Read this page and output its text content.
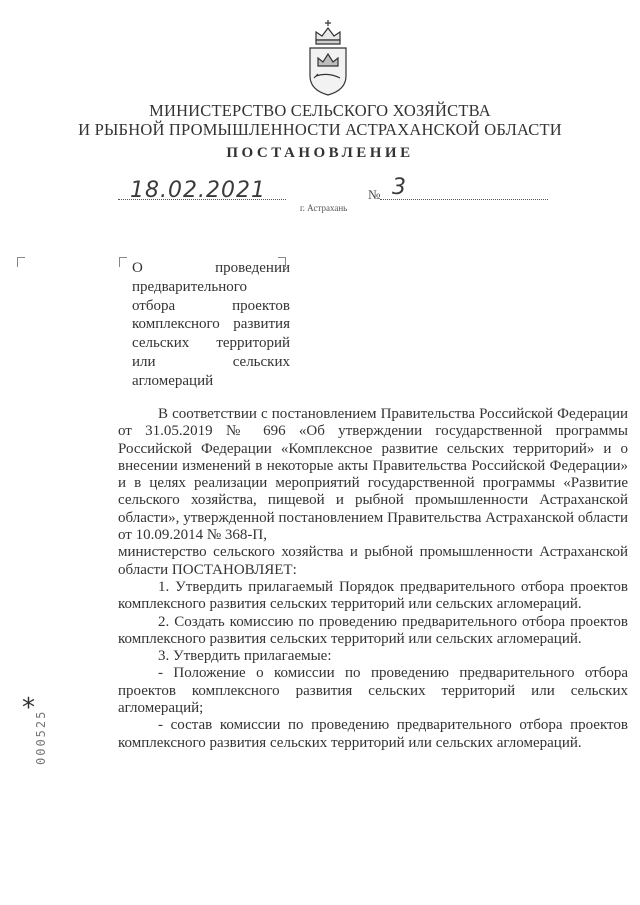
МИНИСТЕРСТВО СЕЛЬСКОГО ХОЗЯЙСТВА
И РЫБНОЙ ПРОМЫШЛЕННОСТИ АСТРАХАНСКОЙ ОБЛАСТИ
ПОСТАНОВЛЕНИЕ
18.02.2021	№ 3
г. Астрахань
О проведении предварительного отбора проектов комплексного развития сельских территорий или сельских агломераций

В соответствии с постановлением Правительства Российской Федерации от 31.05.2019 № 696 «Об утверждении государственной программы Российской Федерации «Комплексное развитие сельских территорий» и о внесении изменений в некоторые акты Правительства Российской Федерации» и в целях реализации мероприятий государственной программы «Развитие сельского хозяйства, пищевой и рыбной промышленности Астраханской области», утвержденной постановлением Правительства Астраханской области от 10.09.2014 № 368-П,

министерство сельского хозяйства и рыбной промышленности Астраханской области ПОСТАНОВЛЯЕТ:

1. Утвердить прилагаемый Порядок предварительного отбора проектов комплексного развития сельских территорий или сельских агломераций.

2. Создать комиссию по проведению предварительного отбора проектов комплексного развития сельских территорий или сельских агломераций.

3. Утвердить прилагаемые:

- Положение о комиссии по проведению предварительного отбора проектов комплексного развития сельских территорий или сельских агломераций;

- состав комиссии по проведению предварительного отбора проектов комплексного развития сельских территорий или сельских агломераций.

*
000525
